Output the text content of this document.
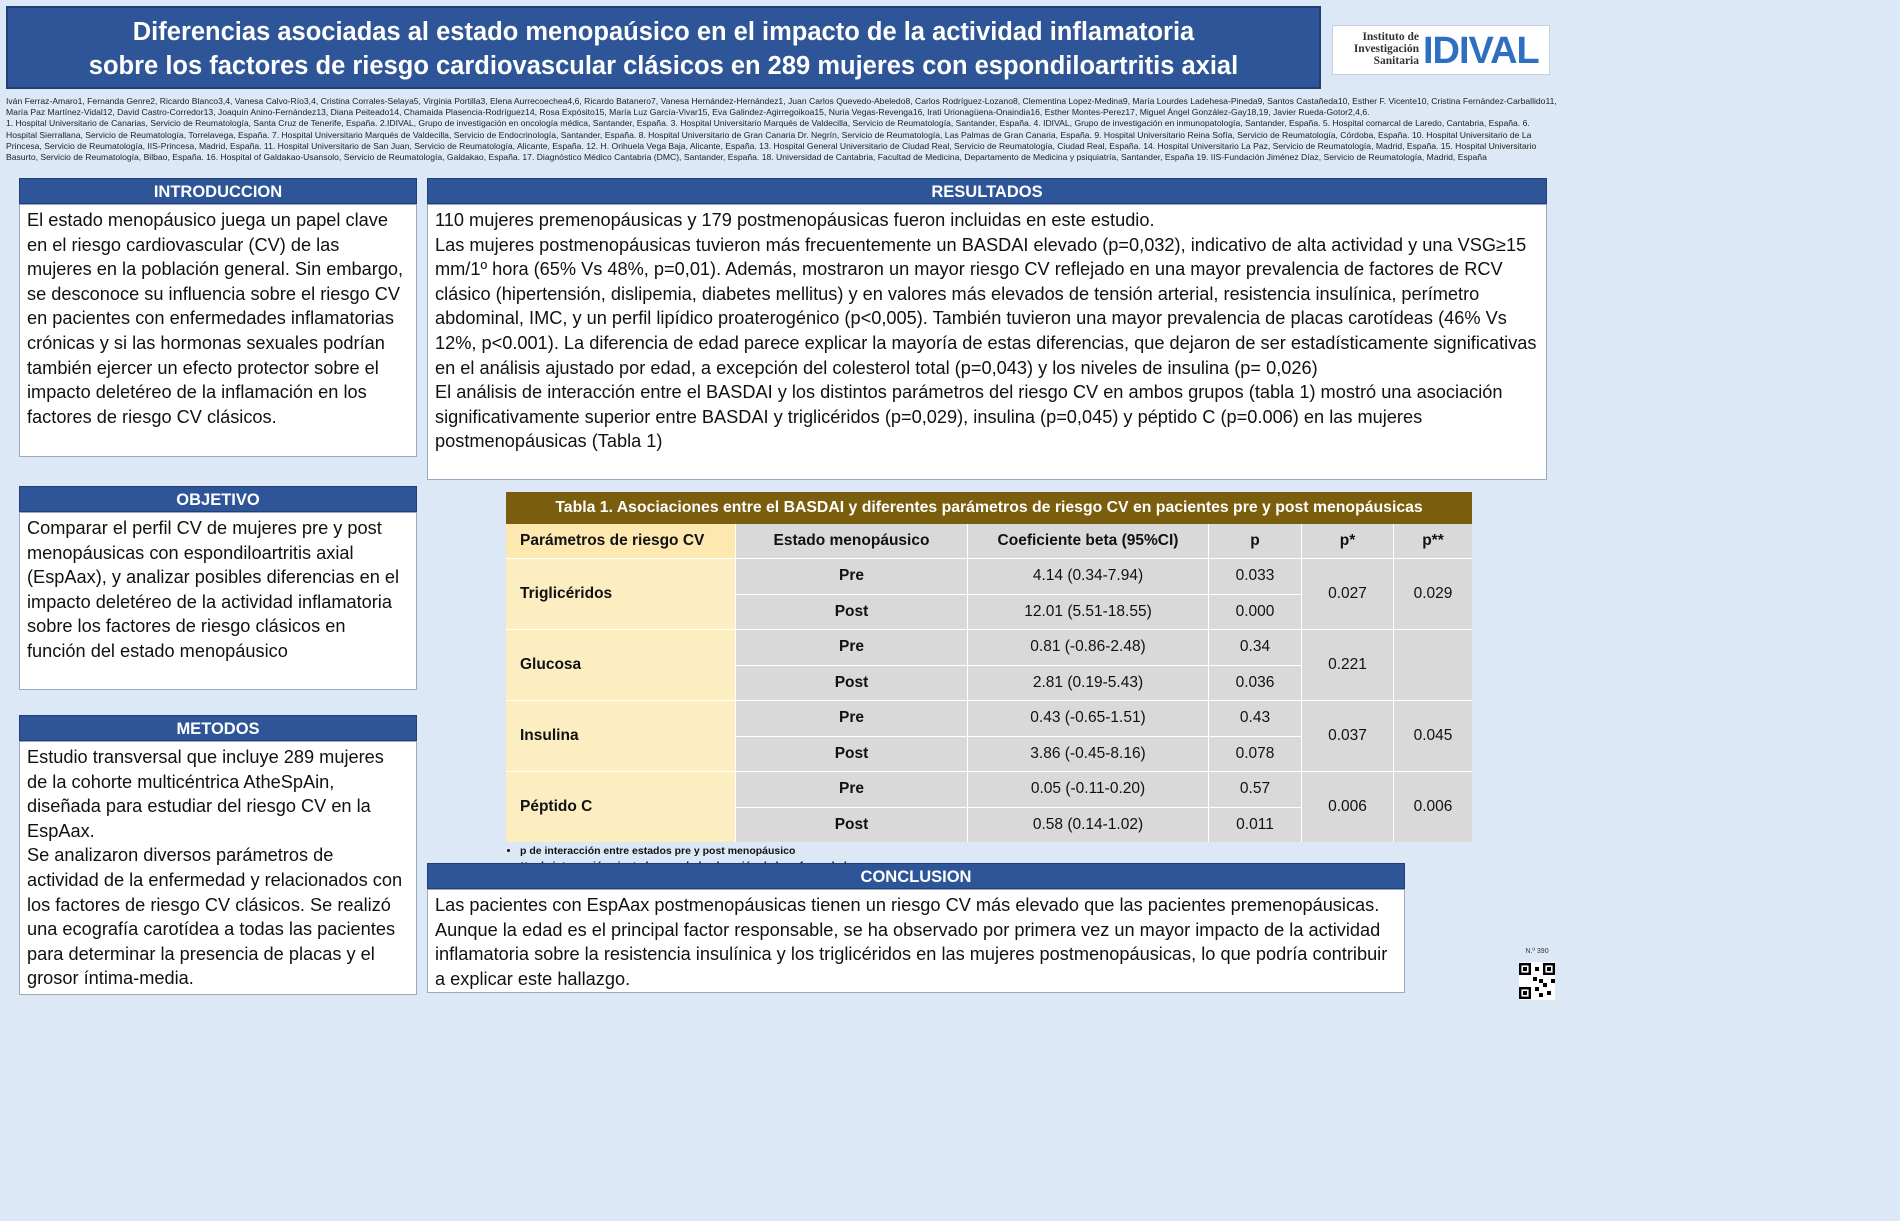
Diferencias asociadas al estado menopaúsico en el impacto de la actividad inflamatoria
sobre los factores de riesgo cardiovascular clásicos en 289 mujeres con espondiloartritis axial
Instituto de
Investigación
Sanitaria IDIVAL
Iván Ferraz-Amaro1, Fernanda Genre2, Ricardo Blanco3,4, Vanesa Calvo-Río3,4, Cristina Corrales-Selaya5, Virginia Portilla3, Elena Aurrecoechea4,6, Ricardo Batanero7, Vanesa Hernández-Hernández1, Juan Carlos Quevedo-Abeledo8, Carlos Rodríguez-Lozano8, Clementina Lopez-Medina9, María Lourdes Ladehesa-Pineda9, Santos Castañeda10, Esther F. Vicente10, Cristina Fernández-Carballido11, María Paz Martínez-Vidal12, David Castro-Corredor13, Joaquín Anino-Fernández13, Diana Peiteado14, Chamaida Plasencia-Rodríguez14, Rosa Expósito15, María Luz García-Vivar15, Eva Galindez-Agirregoikoa15, Nuria Vegas-Revenga16, Irati Urionagüena-Onaindia16, Esther Montes-Perez17, Miguel Ángel González-Gay18,19, Javier Rueda-Gotor2,4,6.
1. Hospital Universitario de Canarias, Servicio de Reumatología, Santa Cruz de Tenerife, España. 2.IDIVAL, Grupo de investigación en oncología médica, Santander, España. 3. Hospital Universitario Marqués de Valdecilla, Servicio de Reumatología, Santander, España. 4. IDIVAL, Grupo de investigación en inmunopatología, Santander, España. 5. Hospital comarcal de Laredo, Cantabria, España. 6. Hospital Sierrallana, Servicio de Reumatología, Torrelavega, España. 7. Hospital Universitario Marqués de Valdecilla, Servicio de Endocrinología, Santander, España. 8. Hospital Universitario de Gran Canaria Dr. Negrín, Servicio de Reumatología, Las Palmas de Gran Canaria, España. 9. Hospital Universitario Reina Sofía, Servicio de Reumatología, Córdoba, España. 10. Hospital Universitario de La Princesa, Servicio de Reumatología, IIS-Princesa, Madrid, España. 11. Hospital Universitario de San Juan, Servicio de Reumatología, Alicante, España. 12. H. Orihuela Vega Baja, Alicante, España. 13. Hospital General Universitario de Ciudad Real, Servicio de Reumatología, Ciudad Real, España. 14. Hospital Universitario La Paz, Servicio de Reumatología, Madrid, España. 15. Hospital Universitario Basurto, Servicio de Reumatología, Bilbao, España. 16. Hospital of Galdakao-Usansolo, Servicio de Reumatología, Galdakao, España. 17. Diagnóstico Médico Cantabria (DMC), Santander, España. 18. Universidad de Cantabria, Facultad de Medicina, Departamento de Medicina y psiquiatría, Santander, España 19. IIS-Fundación Jiménez Díaz, Servicio de Reumatología, Madrid, España
INTRODUCCION
El estado menopáusico juega un papel clave en el riesgo cardiovascular (CV) de las mujeres en la población general. Sin embargo, se desconoce su influencia sobre el riesgo CV en pacientes con enfermedades inflamatorias crónicas y si las hormonas sexuales podrían también ejercer un efecto protector sobre el impacto deletéreo de la inflamación en los factores de riesgo CV clásicos.
OBJETIVO
Comparar el perfil CV de mujeres pre y post menopáusicas con espondiloartritis axial (EspAax), y analizar posibles diferencias en el impacto deletéreo de la actividad inflamatoria sobre los factores de riesgo clásicos en función del estado menopáusico
METODOS
Estudio transversal que incluye 289 mujeres de la cohorte multicéntrica AtheSpAin, diseñada para estudiar del riesgo CV en la EspAax.
Se analizaron diversos parámetros de actividad de la enfermedad y relacionados con los factores de riesgo CV clásicos. Se realizó una ecografía carotídea a todas las pacientes para determinar la presencia de placas y el grosor íntima-media.
RESULTADOS
110 mujeres premenopáusicas y 179 postmenopáusicas fueron incluidas en este estudio.
Las mujeres postmenopáusicas tuvieron más frecuentemente un BASDAI elevado (p=0,032), indicativo de alta actividad y una VSG≥15 mm/1º hora (65% Vs 48%, p=0,01). Además, mostraron un mayor riesgo CV reflejado en una mayor prevalencia de factores de RCV clásico (hipertensión, dislipemia, diabetes mellitus) y en valores más elevados de tensión arterial, resistencia insulínica, perímetro abdominal, IMC, y un perfil lipídico proaterogénico (p<0,005). También tuvieron una mayor prevalencia de placas carotídeas (46% Vs 12%, p<0.001). La diferencia de edad parece explicar la mayoría de estas diferencias, que dejaron de ser estadísticamente significativas en el análisis ajustado por edad, a excepción del colesterol total (p=0,043) y los niveles de insulina (p= 0,026)
El análisis de interacción entre el BASDAI y los distintos parámetros del riesgo CV en ambos grupos (tabla 1) mostró una asociación significativamente superior entre BASDAI y triglicéridos (p=0,029), insulina (p=0,045) y péptido C (p=0.006) en las mujeres postmenopáusicas (Tabla 1)
Tabla 1. Asociaciones entre el BASDAI y diferentes parámetros de riesgo CV en pacientes pre y post menopáusicas
Parámetros de riesgo CV	Estado menopáusico	Coeficiente beta (95%CI)	p	p*	p**
Triglicéridos	Pre	4.14 (0.34-7.94)	0.033	0.027	0.029
	Post	12.01 (5.51-18.55)	0.000		
Glucosa	Pre	0.81 (-0.86-2.48)	0.34	0.221	
	Post	2.81 (0.19-5.43)	0.036		
Insulina	Pre	0.43 (-0.65-1.51)	0.43	0.037	0.045
	Post	3.86 (-0.45-8.16)	0.078		
Péptido C	Pre	0.05 (-0.11-0.20)	0.57	0.006	0.006
	Post	0.58 (0.14-1.02)	0.011		
• p de interacción entre estados pre y post menopáusico
•
CONCLUSION
Las pacientes con EspAax postmenopáusicas tienen un riesgo CV más elevado que las pacientes premenopáusicas. Aunque la edad es el principal factor responsable, se ha observado por primera vez un mayor impacto de la actividad inflamatoria sobre la resistencia insulínica y los triglicéridos en las mujeres postmenopáusicas, lo que podría contribuir a explicar este hallazgo.
N.º 390
